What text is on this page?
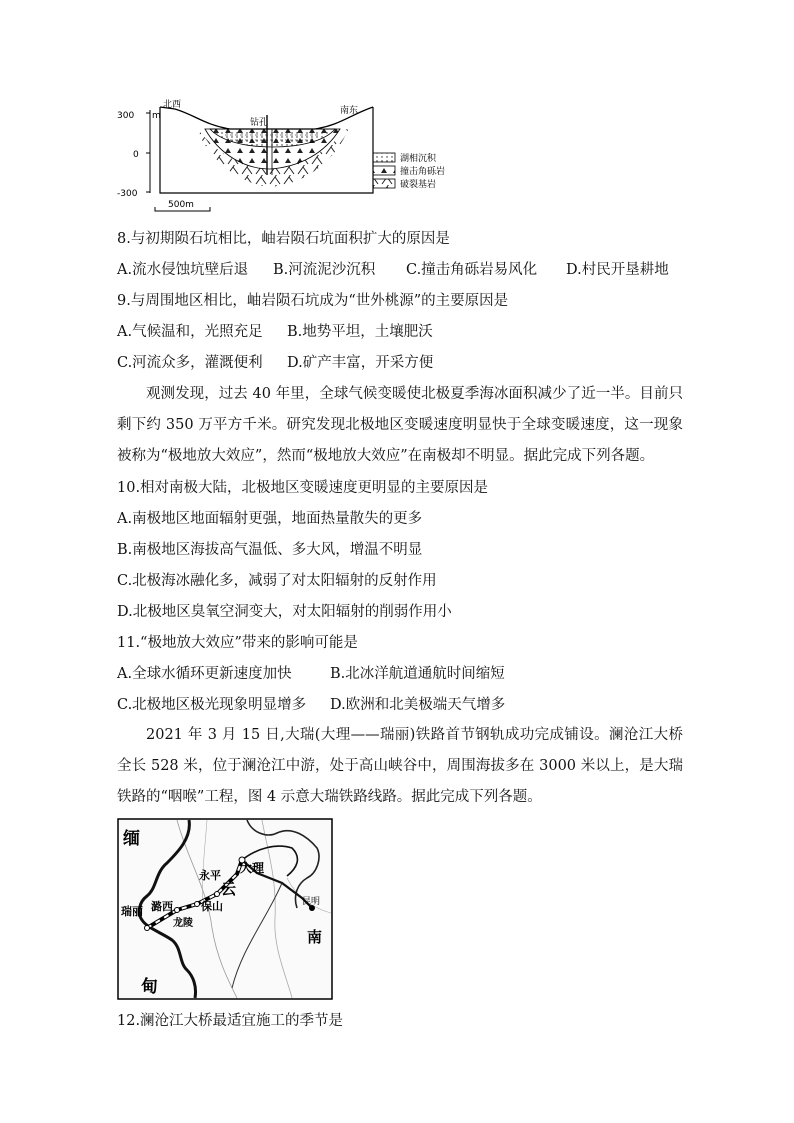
300 m
0
-300
钻孔
北西
南东
500m
湖相沉积
撞击角砾岩
破裂基岩
8.与初期陨石坑相比，岫岩陨石坑面积扩大的原因是
A.流水侵蚀坑壁后退 B.河流泥沙沉积 C.撞击角砾岩易风化 D.村民开垦耕地
9.与周围地区相比，岫岩陨石坑成为“世外桃源”的主要原因是
A.气候温和，光照充足 B.地势平坦，土壤肥沃
C.河流众多，灌溉便利 D.矿产丰富，开采方便
观测发现，过去 40 年里，全球气候变暖使北极夏季海冰面积减少了近一半。目前只剩下约 350 万平方千米。研究发现北极地区变暖速度明显快于全球变暖速度，这一现象被称为“极地放大效应”，然而“极地放大效应”在南极却不明显。据此完成下列各题。
10.相对南极大陆，北极地区变暖速度更明显的主要原因是
A.南极地区地面辐射更强，地面热量散失的更多
B.南极地区海拔高气温低、多大风，增温不明显
C.北极海冰融化多，减弱了对太阳辐射的反射作用
D.北极地区臭氧空洞变大，对太阳辐射的削弱作用小
11.“极地放大效应”带来的影响可能是
A.全球水循环更新速度加快	B.北冰洋航道通航时间缩短
C.北极地区极光现象明显增多 D.欧洲和北美极端天气增多
2021 年 3 月 15 日,大瑞(大理——瑞丽)铁路首节钢轨成功完成铺设。澜沧江大桥全长 528 米，位于澜沧江中游，处于高山峡谷中，周围海拔多在 3000 米以上，是大瑞铁路的“咽喉”工程，图 4 示意大瑞铁路线路。据此完成下列各题。
缅
甸
大理
云
南
永平
保山	昆明
瑞丽 潞西
龙陵
12.澜沧江大桥最适宜施工的季节是
